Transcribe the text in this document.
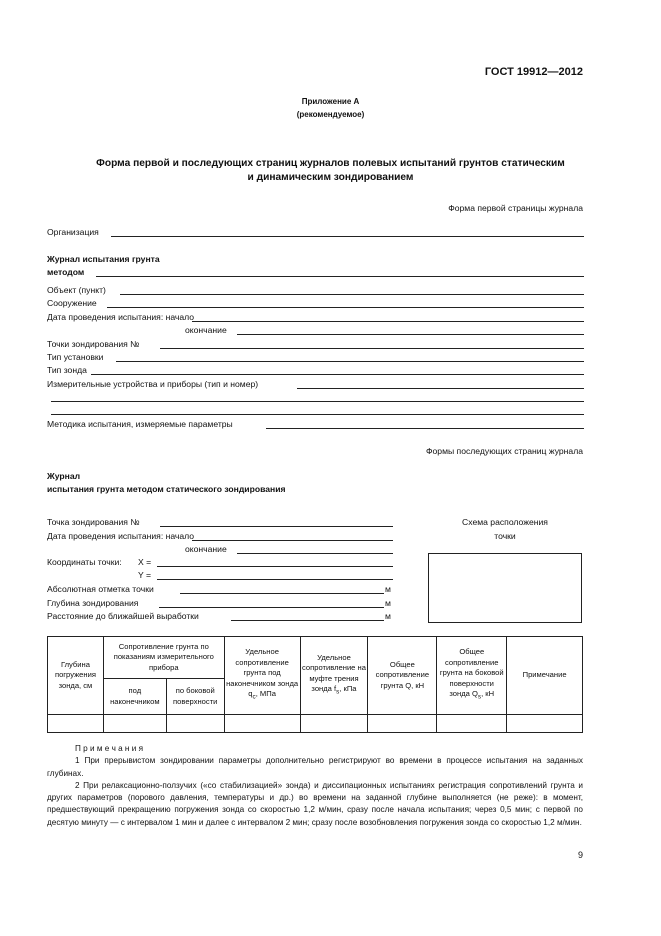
ГОСТ 19912—2012
Приложение А
(рекомендуемое)
Форма первой и последующих страниц журналов полевых испытаний грунтов статическим
и динамическим зондированием
Форма первой страницы журнала
Организация
Журнал испытания грунта
методом
Объект (пункт)
Сооружение
Дата проведения испытания: начало
окончание
Точки зондирования №
Тип установки
Тип зонда
Измерительные устройства и приборы (тип и номер)
Методика испытания, измеряемые параметры
Формы последующих страниц журнала
Журнал
испытания грунта методом статического зондирования
Точка зондирования №
Дата проведения испытания: начало
окончание
Координаты точки: X =
Y =
Абсолютная отметка точки	м
Глубина зондирования	м
Расстояние до ближайшей выработки	м
Схема расположения
точки
Глубина погружения зонда, см	Сопротивление грунта по показаниям измерительного прибора		Удельное сопротивление грунта под наконечником зонда $q_c$, МПа	Удельное сопротивление на муфте трения зонда $f_s$, кПа	Общее сопротивление грунта Q, кН	Общее сопротивление грунта на боковой поверхности зонда $Q_s$, кН	Примечание
	под наконечником	по боковой поверхности					

П р и м е ч а н и я

1 При прерывистом зондировании параметры дополнительно регистрируют во времени в процессе испытания на заданных глубинах.

2 При релаксационно-ползучих («со стабилизацией» зонда) и диссипационных испытаниях регистрация сопротивлений грунта и других параметров (порового давления, температуры и др.) во времени на заданной глубине выполняется (не реже): в момент, предшествующий прекращению погружения зонда со скоростью 1,2 м/мин, сразу после начала испытания; через 0,5 мин; с первой по десятую минуту — с интервалом 1 мин и далее с интервалом 2 мин; сразу после возобновления погружения зонда со скоростью 1,2 м/мин.

9
